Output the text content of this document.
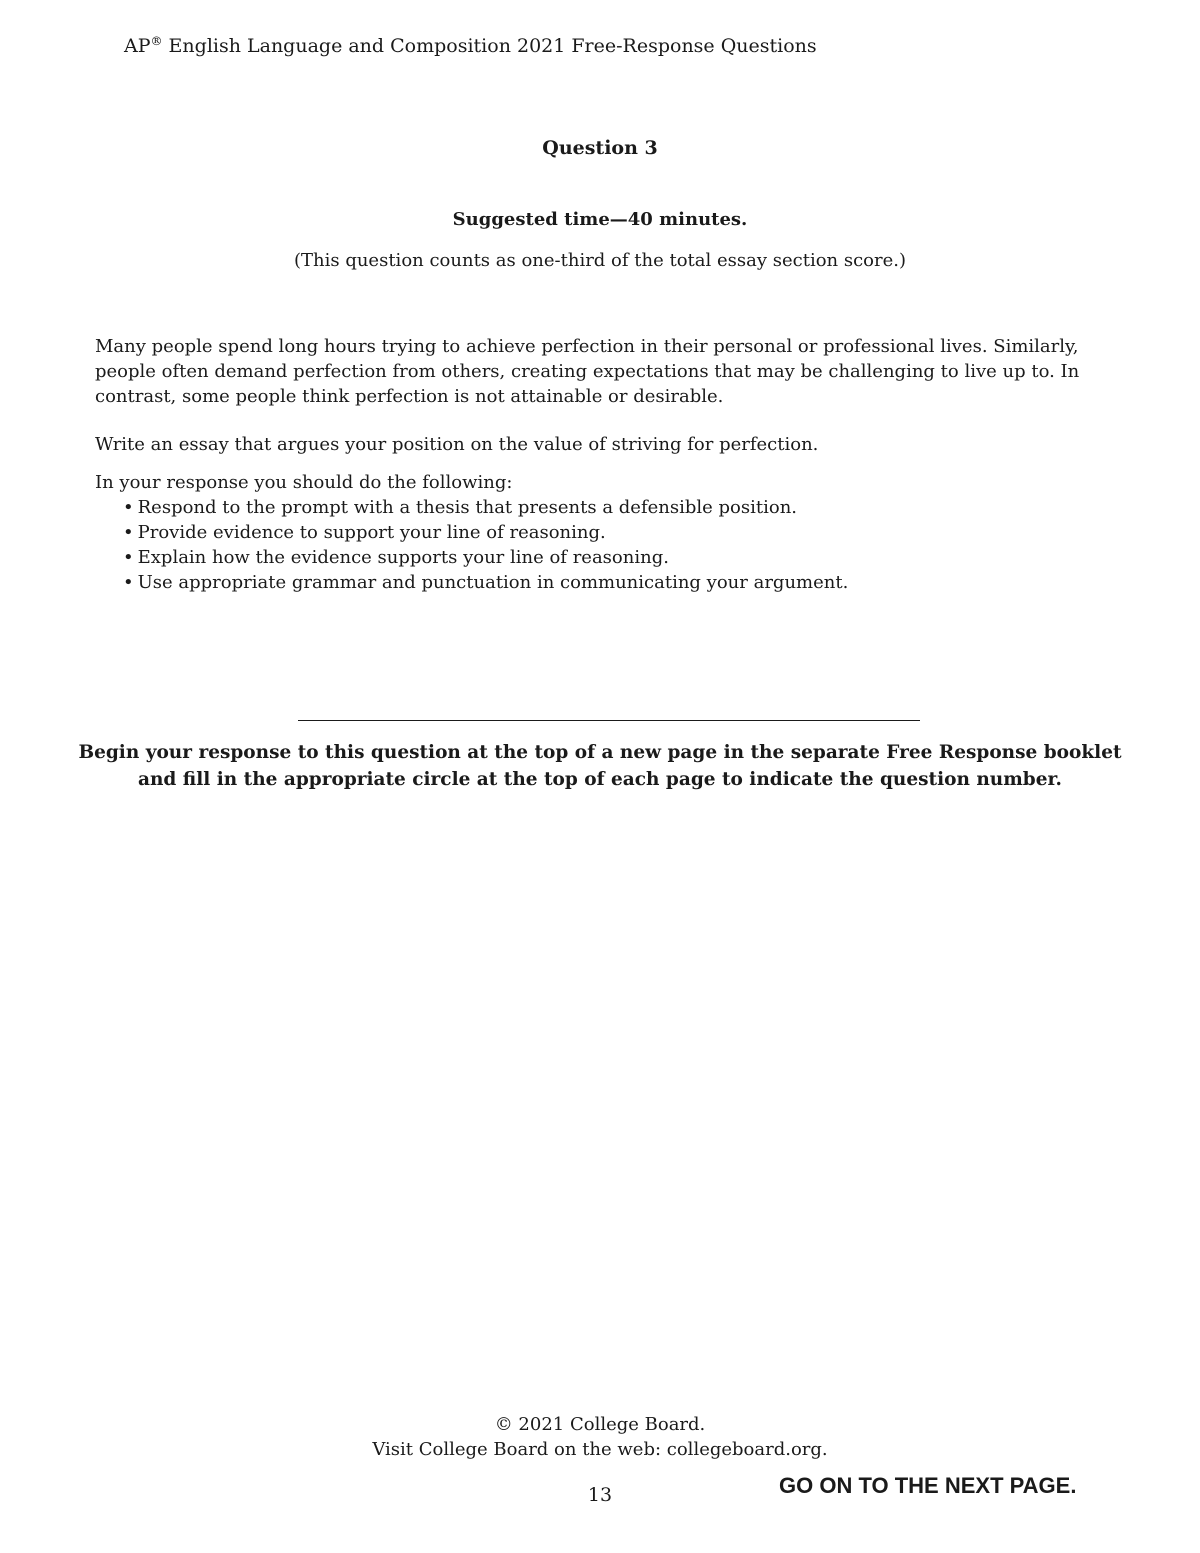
AP® English Language and Composition 2021 Free-Response Questions
Question 3
Suggested time—40 minutes.
(This question counts as one-third of the total essay section score.)
Many people spend long hours trying to achieve perfection in their personal or professional lives. Similarly, people often demand perfection from others, creating expectations that may be challenging to live up to. In contrast, some people think perfection is not attainable or desirable.
Write an essay that argues your position on the value of striving for perfection.
In your response you should do the following:
• Respond to the prompt with a thesis that presents a defensible position.
• Provide evidence to support your line of reasoning.
• Explain how the evidence supports your line of reasoning.
• Use appropriate grammar and punctuation in communicating your argument.
Begin your response to this question at the top of a new page in the separate Free Response booklet
and fill in the appropriate circle at the top of each page to indicate the question number.
© 2021 College Board.
Visit College Board on the web: collegeboard.org.
13	GO ON TO THE NEXT PAGE.
